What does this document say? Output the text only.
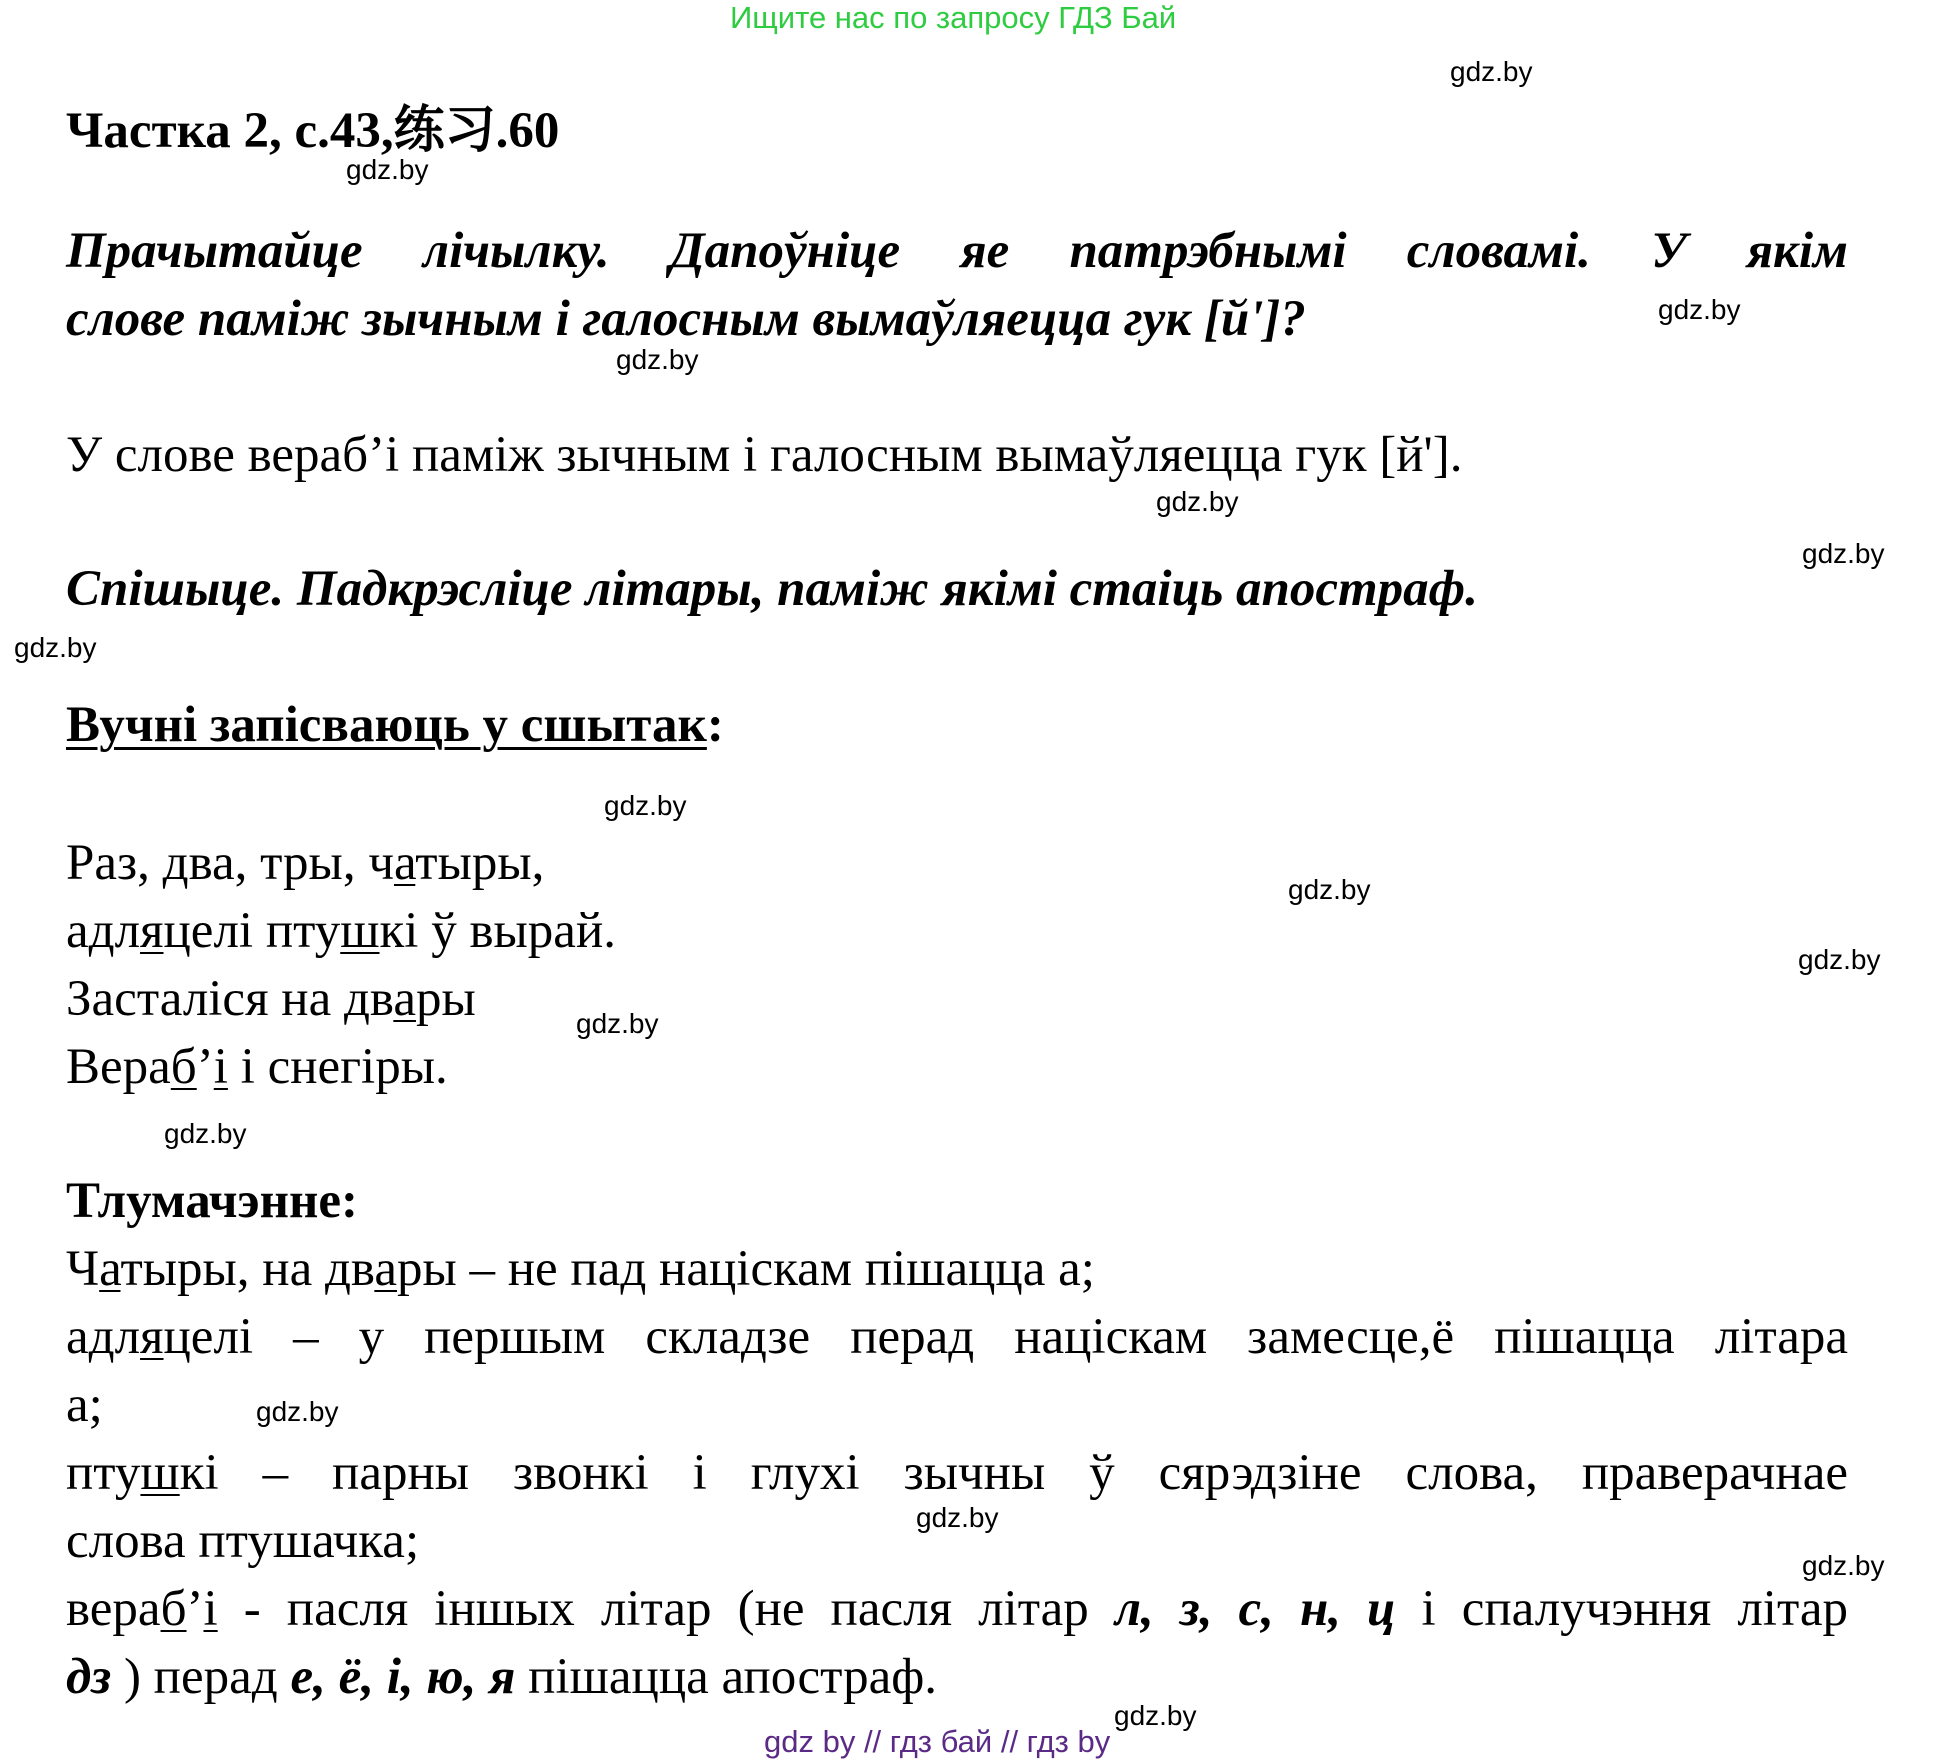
Ищите нас по запросу ГДЗ Бай
Частка 2, с.43,练习.60
Прачытайце лічылку. Дапоўніце яе патрэбнымі словамі. У якім
слове паміж зычным і галосным вымаўляецца гук [й']?
У слове вераб’і паміж зычным і галосным вымаўляецца гук [й'].
Спішыце. Падкрэсліце літары, паміж якімі стаіць апостраф.
Вучні запісваюць у сшытак:
Раз, два, тры, чатыры,
адляцелі птушкі ў вырай.
Засталіся на двары
Вераб’і і снегіры.
Тлумачэнне:
Чатыры, на двары – не пад націскам пішацца а;
адляцелі – у першым складзе перад націскам замесце,ё пішацца літара
а;
птушкі – парны звонкі і глухі зычны ў сярэдзіне слова, праверачнае
слова птушачка;
вераб’і - пасля іншых літар (не пасля літар л, з, с, н, ц і спалучэння літар
дз ) перад е, ё, і, ю, я пішацца апостраф.
gdz.by
gdz.by
gdz.by
gdz.by
gdz.by
gdz.by
gdz.by
gdz.by
gdz.by
gdz.by
gdz.by
gdz.by
gdz.by
gdz.by
gdz.by
gdz.by
gdz by // гдз бай // гдз by
